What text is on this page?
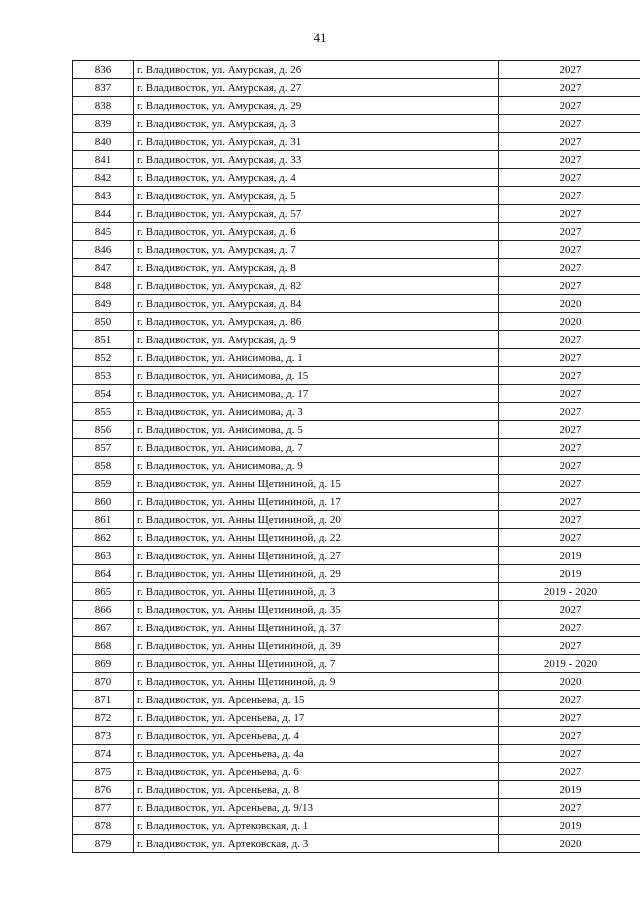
41
836	г. Владивосток, ул. Амурская, д. 26	2027
837	г. Владивосток, ул. Амурская, д. 27	2027
838	г. Владивосток, ул. Амурская, д. 29	2027
839	г. Владивосток, ул. Амурская, д. 3	2027
840	г. Владивосток, ул. Амурская, д. 31	2027
841	г. Владивосток, ул. Амурская, д. 33	2027
842	г. Владивосток, ул. Амурская, д. 4	2027
843	г. Владивосток, ул. Амурская, д. 5	2027
844	г. Владивосток, ул. Амурская, д. 57	2027
845	г. Владивосток, ул. Амурская, д. 6	2027
846	г. Владивосток, ул. Амурская, д. 7	2027
847	г. Владивосток, ул. Амурская, д. 8	2027
848	г. Владивосток, ул. Амурская, д. 82	2027
849	г. Владивосток, ул. Амурская, д. 84	2020
850	г. Владивосток, ул. Амурская, д. 86	2020
851	г. Владивосток, ул. Амурская, д. 9	2027
852	г. Владивосток, ул. Анисимова, д. 1	2027
853	г. Владивосток, ул. Анисимова, д. 15	2027
854	г. Владивосток, ул. Анисимова, д. 17	2027
855	г. Владивосток, ул. Анисимова, д. 3	2027
856	г. Владивосток, ул. Анисимова, д. 5	2027
857	г. Владивосток, ул. Анисимова, д. 7	2027
858	г. Владивосток, ул. Анисимова, д. 9	2027
859	г. Владивосток, ул. Анны Щетининой, д. 15	2027
860	г. Владивосток, ул. Анны Щетининой, д. 17	2027
861	г. Владивосток, ул. Анны Щетининой, д. 20	2027
862	г. Владивосток, ул. Анны Щетининой, д. 22	2027
863	г. Владивосток, ул. Анны Щетининой, д. 27	2019
864	г. Владивосток, ул. Анны Щетининой, д. 29	2019
865	г. Владивосток, ул. Анны Щетининой, д. 3	2019 - 2020
866	г. Владивосток, ул. Анны Щетининой, д. 35	2027
867	г. Владивосток, ул. Анны Щетининой, д. 37	2027
868	г. Владивосток, ул. Анны Щетининой, д. 39	2027
869	г. Владивосток, ул. Анны Щетининой, д. 7	2019 - 2020
870	г. Владивосток, ул. Анны Щетининой, д. 9	2020
871	г. Владивосток, ул. Арсеньева, д. 15	2027
872	г. Владивосток, ул. Арсеньева, д. 17	2027
873	г. Владивосток, ул. Арсеньева, д. 4	2027
874	г. Владивосток, ул. Арсеньева, д. 4а	2027
875	г. Владивосток, ул. Арсеньева, д. 6	2027
876	г. Владивосток, ул. Арсеньева, д. 8	2019
877	г. Владивосток, ул. Арсеньева, д. 9/13	2027
878	г. Владивосток, ул. Артековская, д. 1	2019
879	г. Владивосток, ул. Артековская, д. 3	2020
